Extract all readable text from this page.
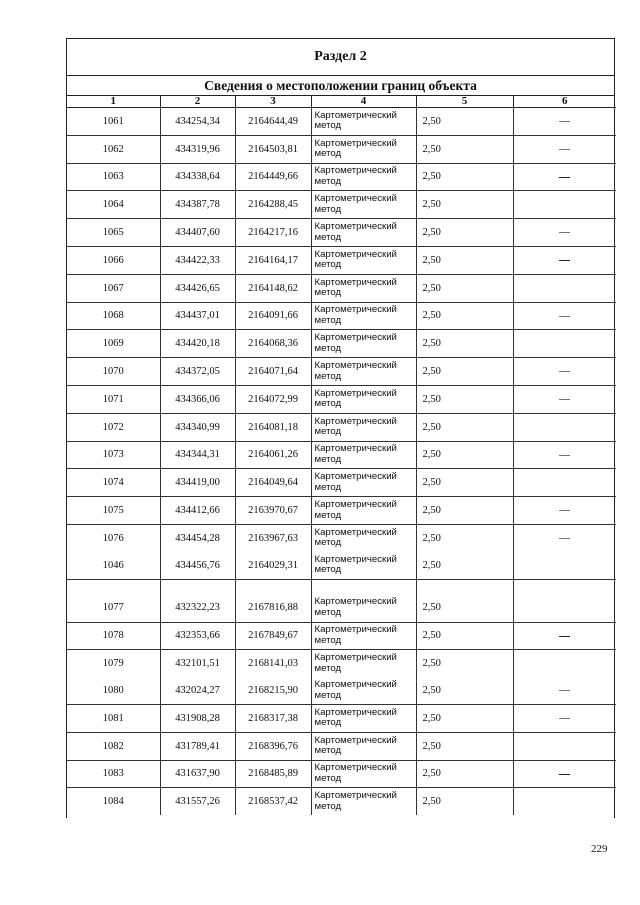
Раздел 2
Сведения о местоположении границ объекта
1	2	3	4	5	6
1061	434254,34	2164644,49	Картометрический метод	2,50	
1062	434319,96	2164503,81	Картометрический метод	2,50	
1063	434338,64	2164449,66	Картометрический метод	2,50	
1064	434387,78	2164288,45	Картометрический метод	2,50	
1065	434407,60	2164217,16	Картометрический метод	2,50	
1066	434422,33	2164164,17	Картометрический метод	2,50	
1067	434426,65	2164148,62	Картометрический метод	2,50	
1068	434437,01	2164091,66	Картометрический метод	2,50	
1069	434420,18	2164068,36	Картометрический метод	2,50	
1070	434372,05	2164071,64	Картометрический метод	2,50	
1071	434366,06	2164072,99	Картометрический метод	2,50	
1072	434340,99	2164081,18	Картометрический метод	2,50	
1073	434344,31	2164061,26	Картометрический метод	2,50	
1074	434419,00	2164049,64	Картометрический метод	2,50	
1075	434412,66	2163970,67	Картометрический метод	2,50	
1076	434454,28	2163967,63	Картометрический метод	2,50	
1046	434456,76	2164029,31	Картометрический метод	2,50	
1077	432322,23	2167816,88	Картометрический метод	2,50	
1078	432353,66	2167849,67	Картометрический метод	2,50	
1079	432101,51	2168141,03	Картометрический метод	2,50	
1080	432024,27	2168215,90	Картометрический метод	2,50	
1081	431908,28	2168317,38	Картометрический метод	2,50	
1082	431789,41	2168396,76	Картометрический метод	2,50	
1083	431637,90	2168485,89	Картометрический метод	2,50	
1084	431557,26	2168537,42	Картометрический метод	2,50	
229
